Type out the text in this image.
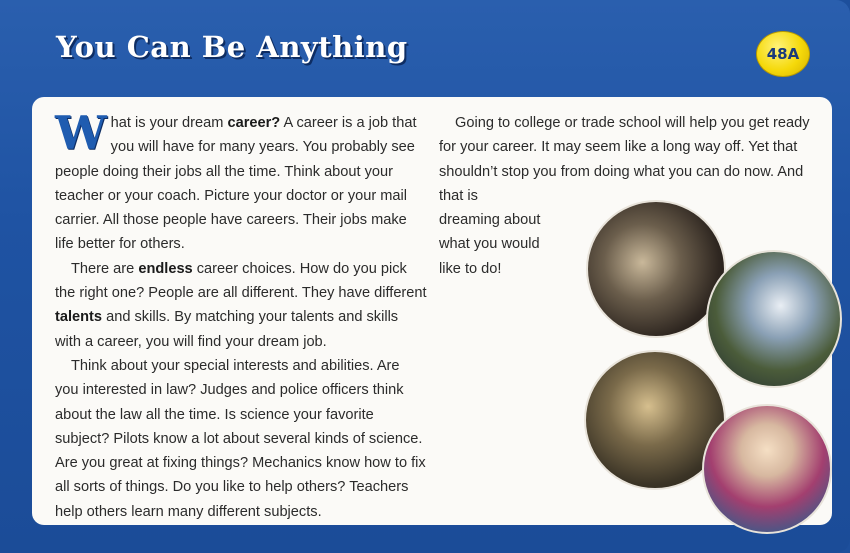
You Can Be Anything	48A
W hat is your dream career? A career is a job that you will have for many years. You probably see people doing their jobs all the time. Think about your teacher or your coach. Picture your doctor or your mail carrier. All those people have careers. Their jobs make life better for others.

There are endless career choices. How do you pick the right one? People are all different. They have different talents and skills. By matching your talents and skills with a career, you will find your dream job.

Think about your special interests and abilities. Are you interested in law? Judges and police officers think about the law all the time. Is science your favorite subject? Pilots know a lot about several kinds of science. Are you great at fixing things? Mechanics know how to fix all sorts of things. Do you like to help others? Teachers help others learn many different subjects.

Going to college or trade school will help you get ready for your career. It may seem like a long way off. Yet that shouldn’t stop you from doing what you can do now. And that is

dreaming about what you would like to do!
